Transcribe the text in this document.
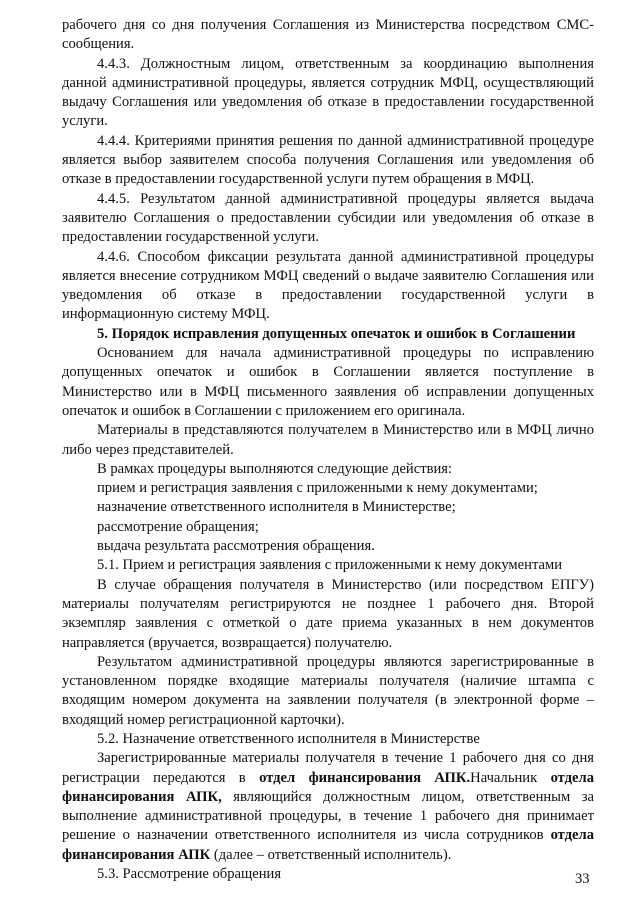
рабочего дня со дня получения Соглашения из Министерства посредством СМС-сообщения.

4.4.3. Должностным лицом, ответственным за координацию выполнения данной административной процедуры, является сотрудник МФЦ, осуществляющий выдачу Соглашения или уведомления об отказе в предоставлении государственной услуги.

4.4.4. Критериями принятия решения по данной административной процедуре является выбор заявителем способа получения Соглашения или уведомления об отказе в предоставлении государственной услуги путем обращения в МФЦ.

4.4.5. Результатом данной административной процедуры является выдача заявителю Соглашения о предоставлении субсидии или уведомления об отказе в предоставлении государственной услуги.

4.4.6. Способом фиксации результата данной административной процедуры является внесение сотрудником МФЦ сведений о выдаче заявителю Соглашения или уведомления об отказе в предоставлении государственной услуги в информационную систему МФЦ.

5. Порядок исправления допущенных опечаток и ошибок в Соглашении

Основанием для начала административной процедуры по исправлению допущенных опечаток и ошибок в Соглашении является поступление в Министерство или в МФЦ письменного заявления об исправлении допущенных опечаток и ошибок в Соглашении с приложением его оригинала.

Материалы в представляются получателем в Министерство или в МФЦ лично либо через представителей.

В рамках процедуры выполняются следующие действия:

прием и регистрация заявления с приложенными к нему документами;

назначение ответственного исполнителя в Министерстве;

рассмотрение обращения;

выдача результата рассмотрения обращения.

5.1. Прием и регистрация заявления с приложенными к нему документами

В случае обращения получателя в Министерство (или посредством ЕПГУ) материалы получателям регистрируются не позднее 1 рабочего дня. Второй экземпляр заявления с отметкой о дате приема указанных в нем документов направляется (вручается, возвращается) получателю.

Результатом административной процедуры являются зарегистрированные в установленном порядке входящие материалы получателя (наличие штампа с входящим номером документа на заявлении получателя (в электронной форме – входящий номер регистрационной карточки).

5.2. Назначение ответственного исполнителя в Министерстве

Зарегистрированные материалы получателя в течение 1 рабочего дня со дня регистрации передаются в отдел финансирования АПК.Начальник отдела финансирования АПК, являющийся должностным лицом, ответственным за выполнение административной процедуры, в течение 1 рабочего дня принимает решение о назначении ответственного исполнителя из числа сотрудников отдела финансирования АПК (далее – ответственный исполнитель).

5.3. Рассмотрение обращения	33
